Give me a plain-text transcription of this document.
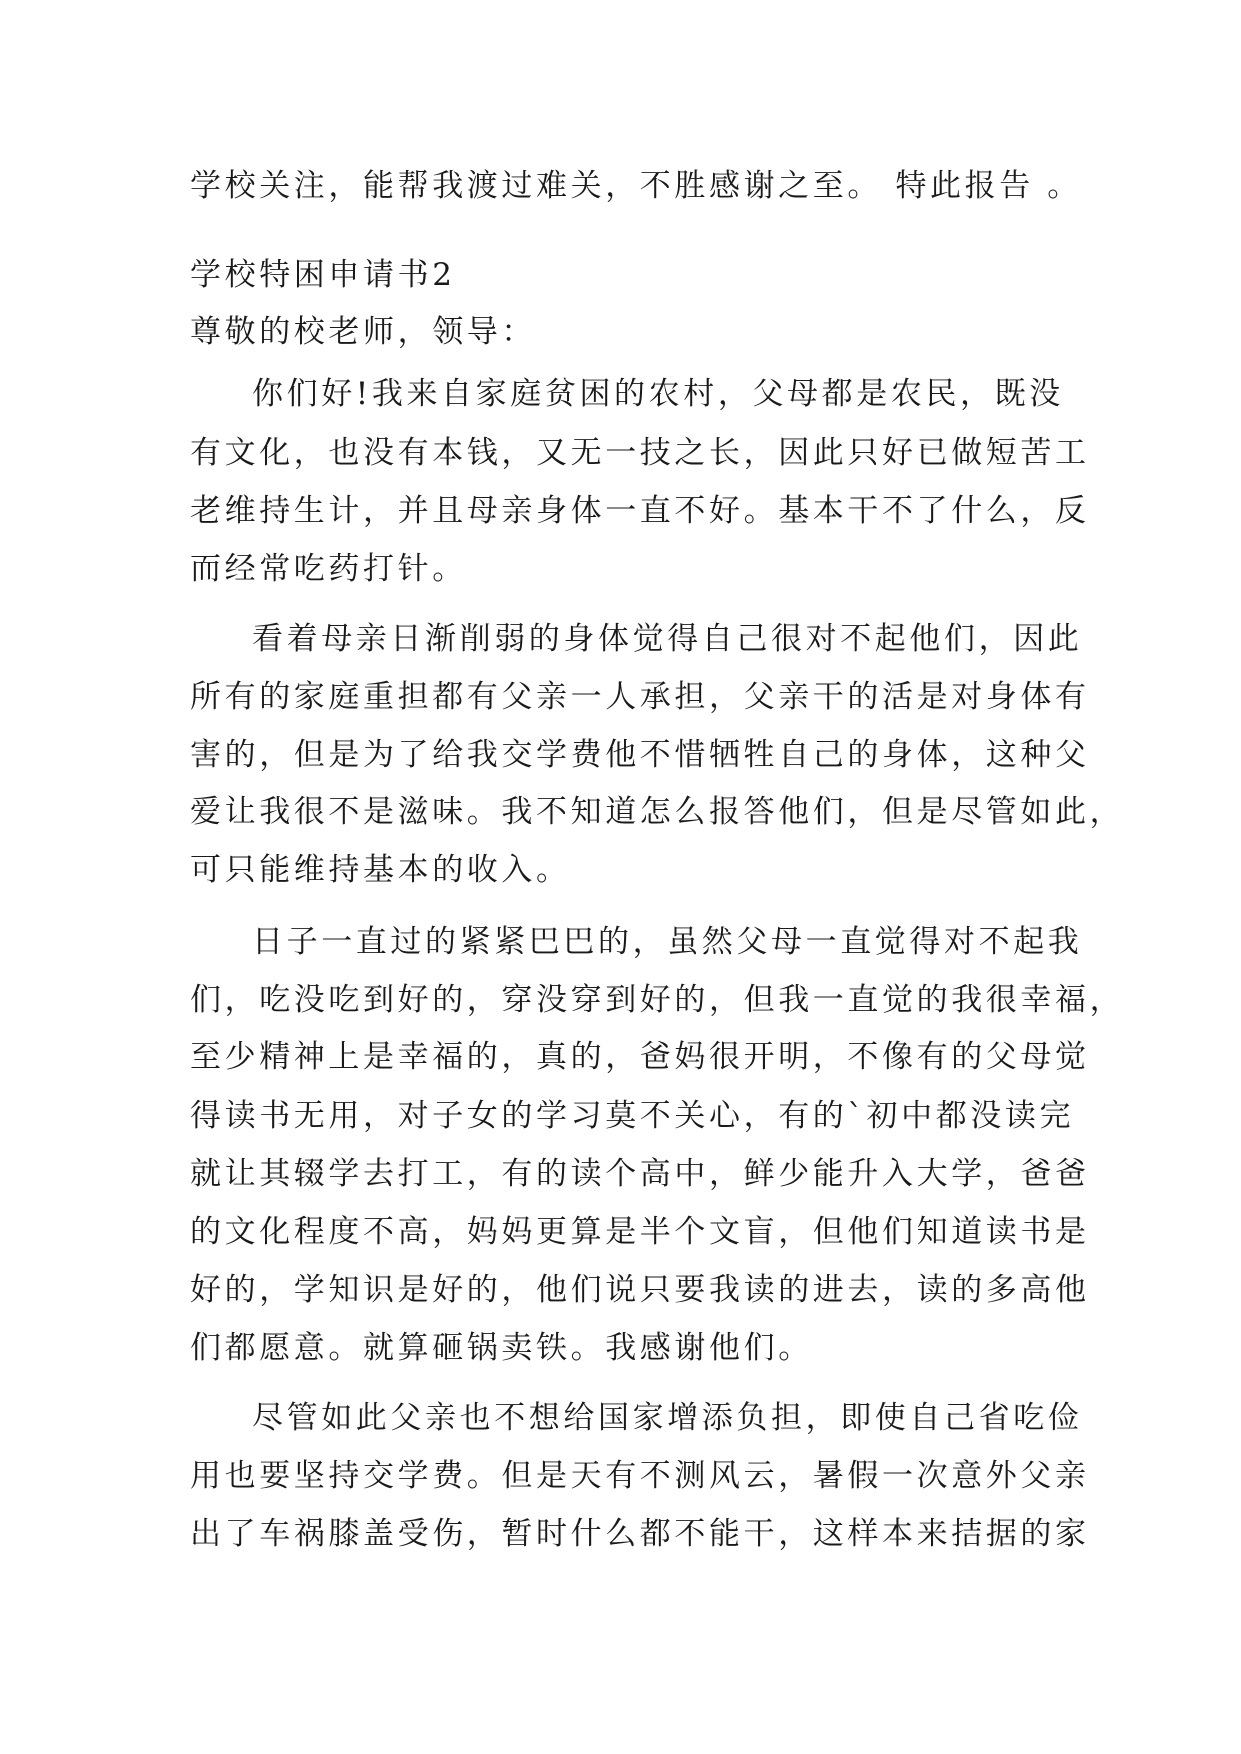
学校关注，能帮我渡过难关，不胜感谢之至。 特此报告 。

学校特困申请书2

尊敬的校老师，领导：

你们好!我来自家庭贫困的农村，父母都是农民，既没

有文化，也没有本钱，又无一技之长，因此只好已做短苦工

老维持生计，并且母亲身体一直不好。基本干不了什么，反

而经常吃药打针。

看着母亲日渐削弱的身体觉得自己很对不起他们，因此

所有的家庭重担都有父亲一人承担，父亲干的活是对身体有

害的，但是为了给我交学费他不惜牺牲自己的身体，这种父

爱让我很不是滋味。我不知道怎么报答他们，但是尽管如此，

可只能维持基本的收入。

日子一直过的紧紧巴巴的，虽然父母一直觉得对不起我

们，吃没吃到好的，穿没穿到好的，但我一直觉的我很幸福，

至少精神上是幸福的，真的，爸妈很开明，不像有的父母觉

得读书无用，对子女的学习莫不关心，有的`初中都没读完

就让其辍学去打工，有的读个高中，鲜少能升入大学，爸爸

的文化程度不高，妈妈更算是半个文盲，但他们知道读书是

好的，学知识是好的，他们说只要我读的进去，读的多高他

们都愿意。就算砸锅卖铁。我感谢他们。

尽管如此父亲也不想给国家增添负担，即使自己省吃俭

用也要坚持交学费。但是天有不测风云，暑假一次意外父亲

出了车祸膝盖受伤，暂时什么都不能干，这样本来拮据的家
